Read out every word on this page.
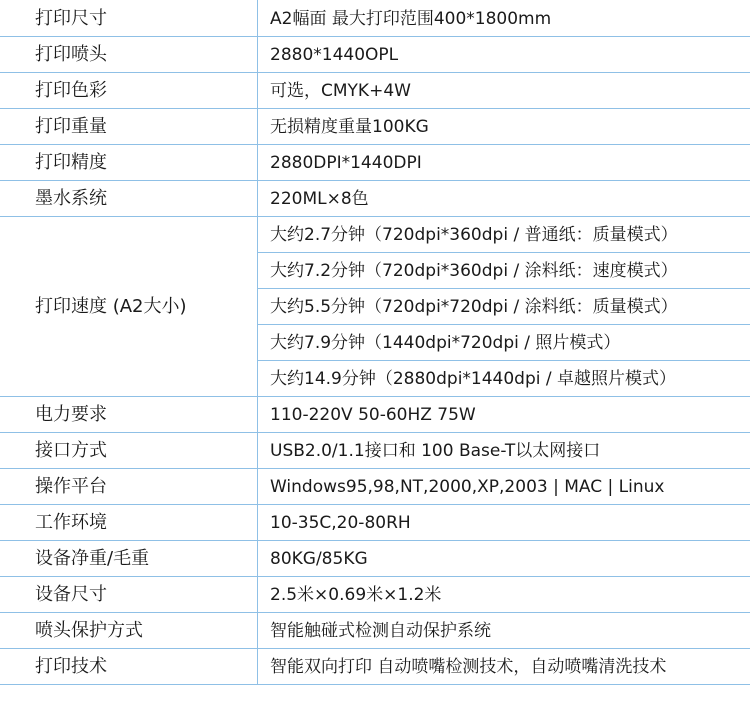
打印尺寸	A2幅面 最大打印范围400*1800mm
打印喷头	2880*1440OPL
打印色彩	可选，CMYK+4W
打印重量	无损精度重量100KG
打印精度	2880DPI*1440DPI
墨水系统	220ML×8色
打印速度 (A2大小)	大约2.7分钟（720dpi*360dpi / 普通纸：质量模式）
	大约7.2分钟（720dpi*360dpi / 涂料纸：速度模式）
	大约5.5分钟（720dpi*720dpi / 涂料纸：质量模式）
	大约7.9分钟（1440dpi*720dpi / 照片模式）
	大约14.9分钟（2880dpi*1440dpi / 卓越照片模式）
电力要求	110-220V 50-60HZ 75W
接口方式	USB2.0/1.1接口和 100 Base-T以太网接口
操作平台	Windows95,98,NT,2000,XP,2003 | MAC | Linux
工作环境	10-35C,20-80RH
设备净重/毛重	80KG/85KG
设备尺寸	2.5米×0.69米×1.2米
喷头保护方式	智能触碰式检测自动保护系统
打印技术	智能双向打印 自动喷嘴检测技术，自动喷嘴清洗技术
